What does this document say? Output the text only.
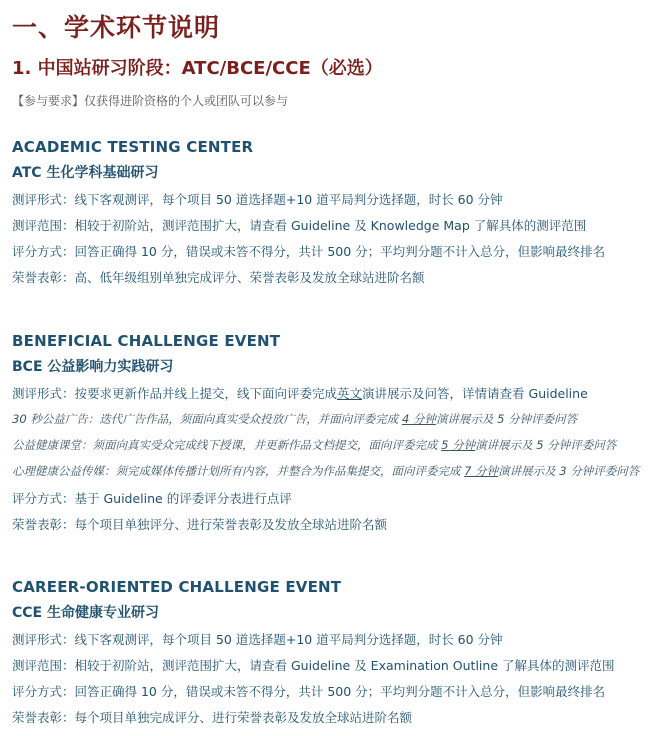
一、学术环节说明
1. 中国站研习阶段：ATC/BCE/CCE（必选）
【参与要求】仅获得进阶资格的个人或团队可以参与
ACADEMIC TESTING CENTER
ATC 生化学科基础研习
测评形式：线下客观测评，每个项目 50 道选择题+10 道平局判分选择题，时长 60 分钟
测评范围：相较于初阶站，测评范围扩大，请查看 Guideline 及 Knowledge Map 了解具体的测评范围
评分方式：回答正确得 10 分，错误或未答不得分，共计 500 分；平均判分题不计入总分，但影响最终排名
荣誉表彰：高、低年级组别单独完成评分、荣誉表彰及发放全球站进阶名额
BENEFICIAL CHALLENGE EVENT
BCE 公益影响力实践研习
测评形式：按要求更新作品并线上提交，线下面向评委完成英文演讲展示及问答，详情请查看 Guideline
30 秒公益广告：迭代广告作品，须面向真实受众投放广告，并面向评委完成 4 分钟演讲展示及 5 分钟评委问答
公益健康课堂：须面向真实受众完成线下授课，并更新作品文档提交，面向评委完成 5 分钟演讲展示及 5 分钟评委问答
心理健康公益传媒：须完成媒体传播计划所有内容，并整合为作品集提交，面向评委完成 7 分钟演讲展示及 3 分钟评委问答
评分方式：基于 Guideline 的评委评分表进行点评
荣誉表彰：每个项目单独评分、进行荣誉表彰及发放全球站进阶名额
CAREER-ORIENTED CHALLENGE EVENT
CCE 生命健康专业研习
测评形式：线下客观测评，每个项目 50 道选择题+10 道平局判分选择题，时长 60 分钟
测评范围：相较于初阶站，测评范围扩大，请查看 Guideline 及 Examination Outline 了解具体的测评范围
评分方式：回答正确得 10 分，错误或未答不得分，共计 500 分；平均判分题不计入总分，但影响最终排名
荣誉表彰：每个项目单独完成评分、进行荣誉表彰及发放全球站进阶名额
